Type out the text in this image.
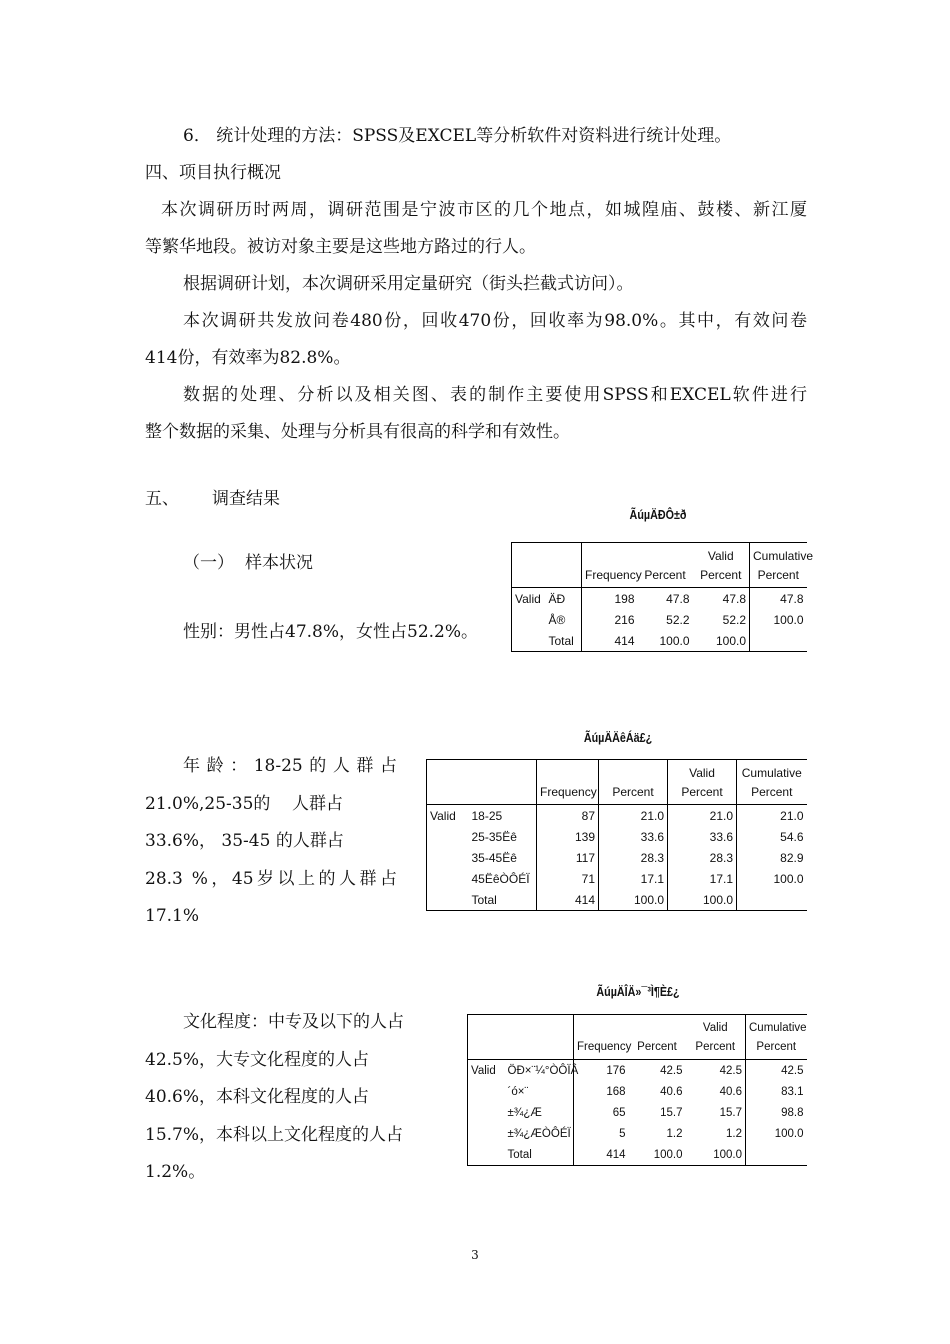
6． 统计处理的方法：SPSS及EXCEL等分析软件对资料进行统计处理。

四、项目执行概况

本次调研历时两周，调研范围是宁波市区的几个地点，如城隍庙、鼓楼、新江厦

等繁华地段。被访对象主要是这些地方路过的行人。

根据调研计划，本次调研采用定量研究（街头拦截式访问）。

本次调研共发放问卷480份，回收470份，回收率为98.0%。其中，有效问卷

414份，有效率为82.8%。

数据的处理、分析以及相关图、表的制作主要使用SPSS和EXCEL软件进行

整个数据的采集、处理与分析具有很高的科学和有效性。

五、 调查结果

（一） 样本状况

性别：男性占47.8%，女性占52.2%。

ÃúµÄÐÔ±ð
		Frequency	Percent	Valid
Percent	Cumulative
Percent
Valid	ÄÐ	198	47.8	47.8	47.8
	Å®	216	52.2	52.2	100.0
	Total	414	100.0	100.0	
年龄：18-25的人群占
21.0%,25-35的    人群占
33.6%， 35-45 的人群占
28.3 %，45岁以上的人群占
17.1%
ÃúµÄÄêÁä£¿
		Frequency	Percent	Valid
Percent	Cumulative
Percent
Valid	18-25	87	21.0	21.0	21.0
	25-35Ëê	139	33.6	33.6	54.6
	35-45Ëê	117	28.3	28.3	82.9
	45ËêÒÔÉÏ	71	17.1	17.1	100.0
	Total	414	100.0	100.0	
文化程度：中专及以下的人占
42.5%，大专文化程度的人占
40.6%，本科文化程度的人占
15.7%，本科以上文化程度的人占
1.2%。
ÃúµÄÎÄ»¯³Ì¶È£¿
		Frequency	Percent	Valid
Percent	Cumulative
Percent
Valid	ÖÐ×¨¼°ÒÔÏÂ	176	42.5	42.5	42.5
	´ó×¨	168	40.6	40.6	83.1
	±¾¿Æ	65	15.7	15.7	98.8
	±¾¿ÆÒÔÉÏ	5	1.2	1.2	100.0
	Total	414	100.0	100.0	
3
